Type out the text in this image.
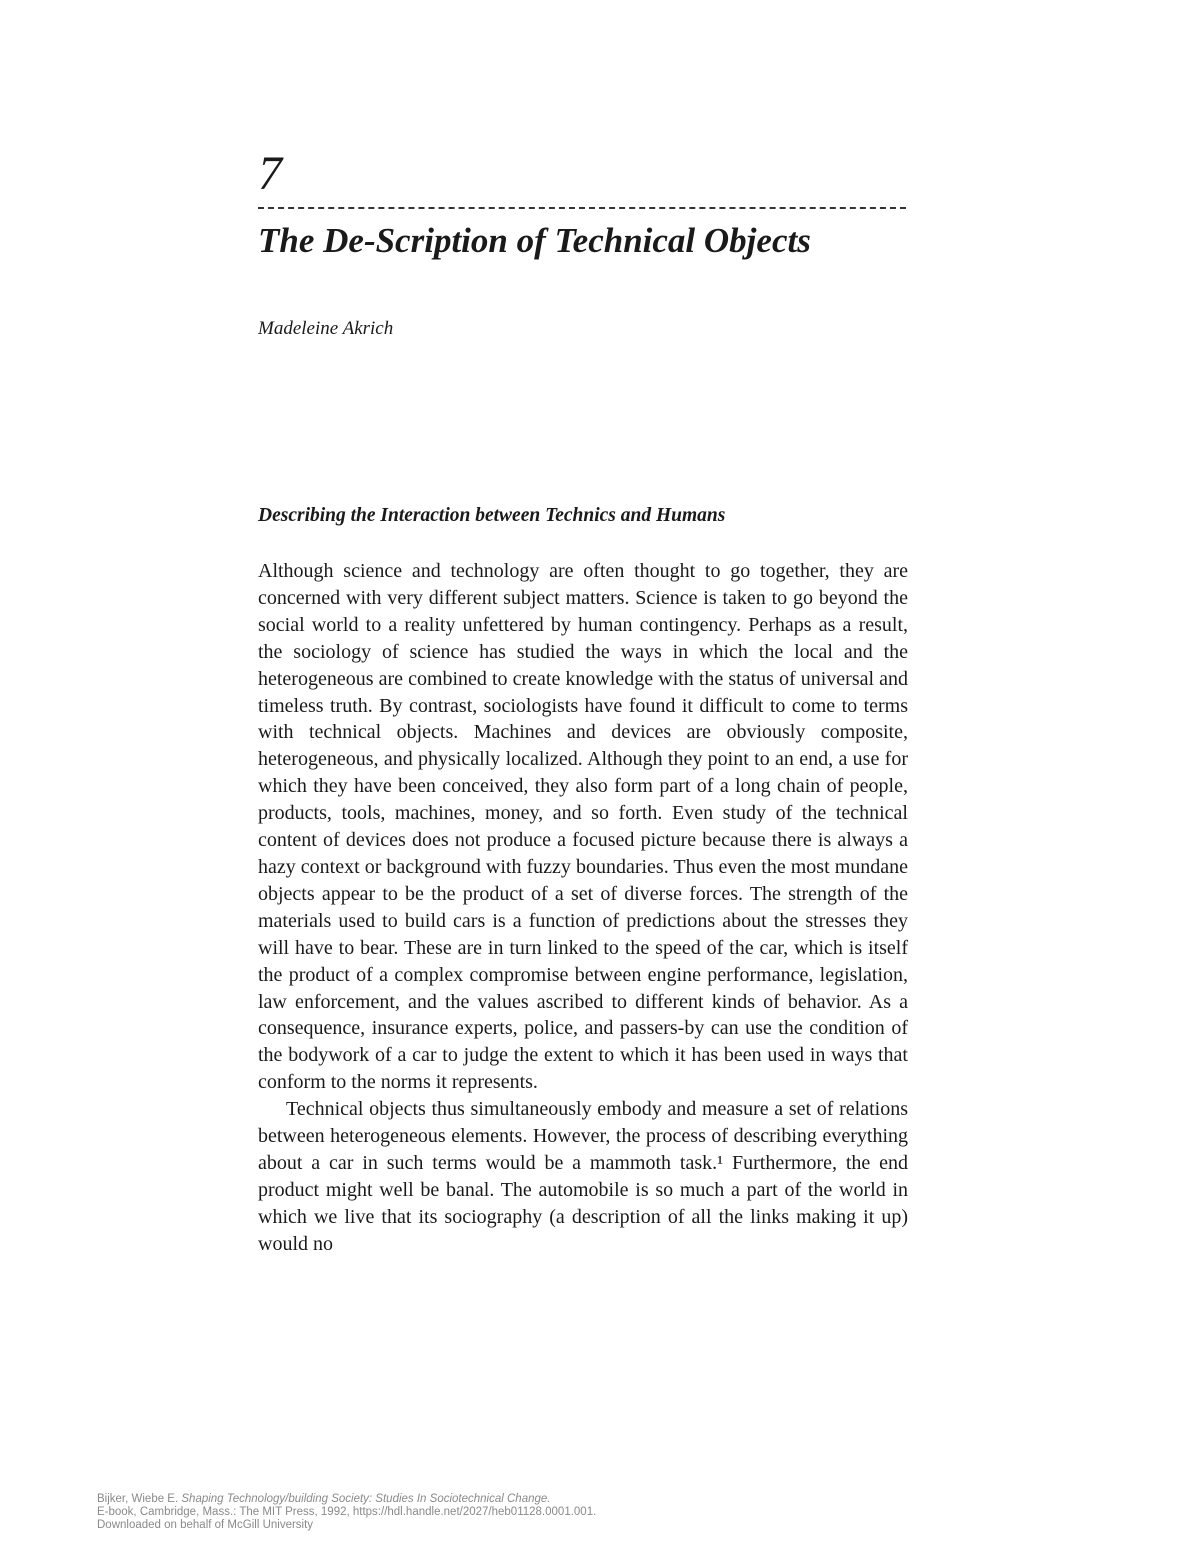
7
The De-Scription of Technical Objects
Madeleine Akrich
Describing the Interaction between Technics and Humans

Although science and technology are often thought to go together, they are concerned with very different subject matters. Science is taken to go beyond the social world to a reality unfettered by human contingency. Perhaps as a result, the sociology of science has studied the ways in which the local and the heterogeneous are combined to create knowledge with the status of universal and timeless truth. By contrast, sociologists have found it difficult to come to terms with technical objects. Machines and devices are obviously composite, heterogeneous, and physically localized. Although they point to an end, a use for which they have been conceived, they also form part of a long chain of people, products, tools, machines, money, and so forth. Even study of the technical content of devices does not produce a focused picture because there is always a hazy context or background with fuzzy boundaries. Thus even the most mundane objects appear to be the product of a set of diverse forces. The strength of the materials used to build cars is a function of predictions about the stresses they will have to bear. These are in turn linked to the speed of the car, which is itself the product of a complex compromise between engine performance, legislation, law enforcement, and the values ascribed to different kinds of behavior. As a consequence, insurance experts, police, and passers-by can use the condition of the bodywork of a car to judge the extent to which it has been used in ways that conform to the norms it represents.

Technical objects thus simultaneously embody and measure a set of relations between heterogeneous elements. However, the process of describing everything about a car in such terms would be a mammoth task.¹ Furthermore, the end product might well be banal. The automobile is so much a part of the world in which we live that its sociography (a description of all the links making it up) would no

Bijker, Wiebe E. Shaping Technology/building Society: Studies In Sociotechnical Change.
E-book, Cambridge, Mass.: The MIT Press, 1992, https://hdl.handle.net/2027/heb01128.0001.001.
Downloaded on behalf of McGill University
